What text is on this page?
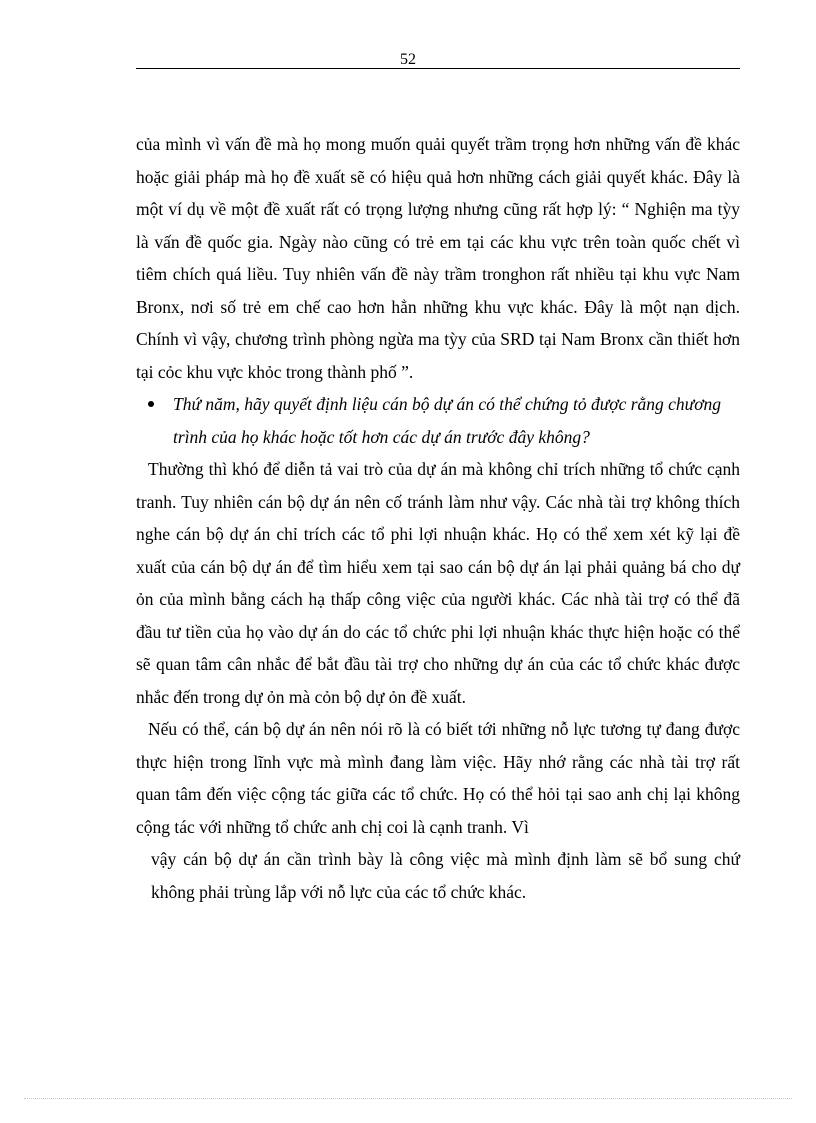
52

của mình vì vấn đề mà họ mong muốn quải quyết trầm trọng hơn những vấn đề khác hoặc giải pháp mà họ đề xuất sẽ có hiệu quả hơn những cách giải quyết khác. Đây là một ví dụ về một đề xuất rất có trọng lượng nhưng cũng rất hợp lý: “ Nghiện ma tỳy là vấn đề quốc gia. Ngày nào cũng có trẻ em tại các khu vực trên toàn quốc chết vì tiêm chích quá liều. Tuy nhiên vấn đề này trầm tronghon rất nhiều tại khu vực Nam Bronx, nơi số trẻ em chế cao hơn hẳn những khu vực khác. Đây là một nạn dịch. Chính vì vậy, chương trình phòng ngừa ma tỳy của SRD tại Nam Bronx cần thiết hơn tại cỏc khu vực khỏc trong thành phố ”.

Thứ năm, hãy quyết định liệu cán bộ dự án có thể chứng tỏ được rằng chương trình của họ khác hoặc tốt hơn các dự án trước đây không?

Thường thì khó để diễn tả vai trò của dự án mà không chỉ trích những tổ chức cạnh tranh. Tuy nhiên cán bộ dự án nên cố tránh làm như vậy. Các nhà tài trợ không thích nghe cán bộ dự án chỉ trích các tổ phi lợi nhuận khác. Họ có thể xem xét kỹ lại đề xuất của cán bộ dự án để tìm hiểu xem tại sao cán bộ dự án lại phải quảng bá cho dự ỏn của mình bằng cách hạ thấp công việc của người khác. Các nhà tài trợ có thể đã đầu tư tiền của họ vào dự án do các tổ chức phi lợi nhuận khác thực hiện hoặc có thể sẽ quan tâm cân nhắc để bắt đầu tài trợ cho những dự án của các tổ chức khác được nhắc đến trong dự ỏn mà cỏn bộ dự ỏn đề xuất.

Nếu có thể, cán bộ dự án nên nói rõ là có biết tới những nỗ lực tương tự đang được thực hiện trong lĩnh vực mà mình đang làm việc. Hãy nhớ rằng các nhà tài trợ rất quan tâm đến việc cộng tác giữa các tổ chức. Họ có thể hỏi tại sao anh chị lại không cộng tác với những tổ chức anh chị coi là cạnh tranh. Vì

vậy cán bộ dự án cần trình bày là công việc mà mình định làm sẽ bổ sung chứ không phải trùng lắp với nỗ lực của các tổ chức khác.
